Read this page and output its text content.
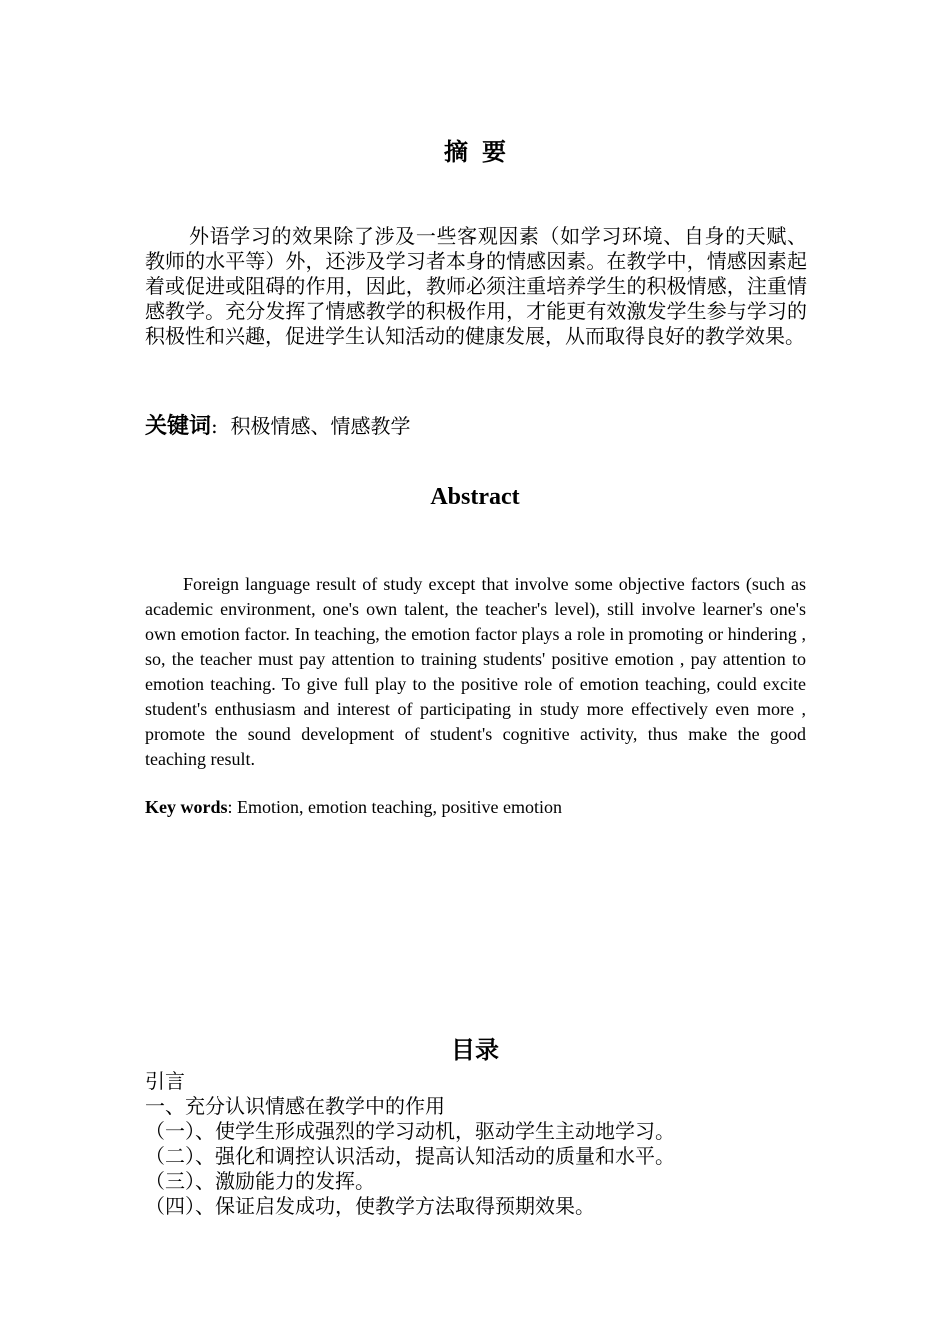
摘要
外语学习的效果除了涉及一些客观因素（如学习环境、自身的天赋、教师的水平等）外，还涉及学习者本身的情感因素。在教学中，情感因素起着或促进或阻碍的作用，因此，教师必须注重培养学生的积极情感，注重情感教学。充分发挥了情感教学的积极作用，才能更有效激发学生参与学习的积极性和兴趣，促进学生认知活动的健康发展，从而取得良好的教学效果。
关键词: 积极情感、情感教学
Abstract
Foreign language result of study except that involve some objective factors (such as academic environment, one's own talent, the teacher's level), still involve learner's one's own emotion factor. In teaching, the emotion factor plays a role in promoting or hindering , so, the teacher must pay attention to training students' positive emotion , pay attention to emotion teaching. To give full play to the positive role of emotion teaching, could excite student's enthusiasm and interest of participating in study more effectively even more , promote the sound development of student's cognitive activity, thus make the good teaching result.
Key words: Emotion, emotion teaching, positive emotion
目录
引言
一、充分认识情感在教学中的作用
（一）、使学生形成强烈的学习动机，驱动学生主动地学习。
（二）、强化和调控认识活动，提高认知活动的质量和水平。
（三）、激励能力的发挥。
（四）、保证启发成功，使教学方法取得预期效果。
